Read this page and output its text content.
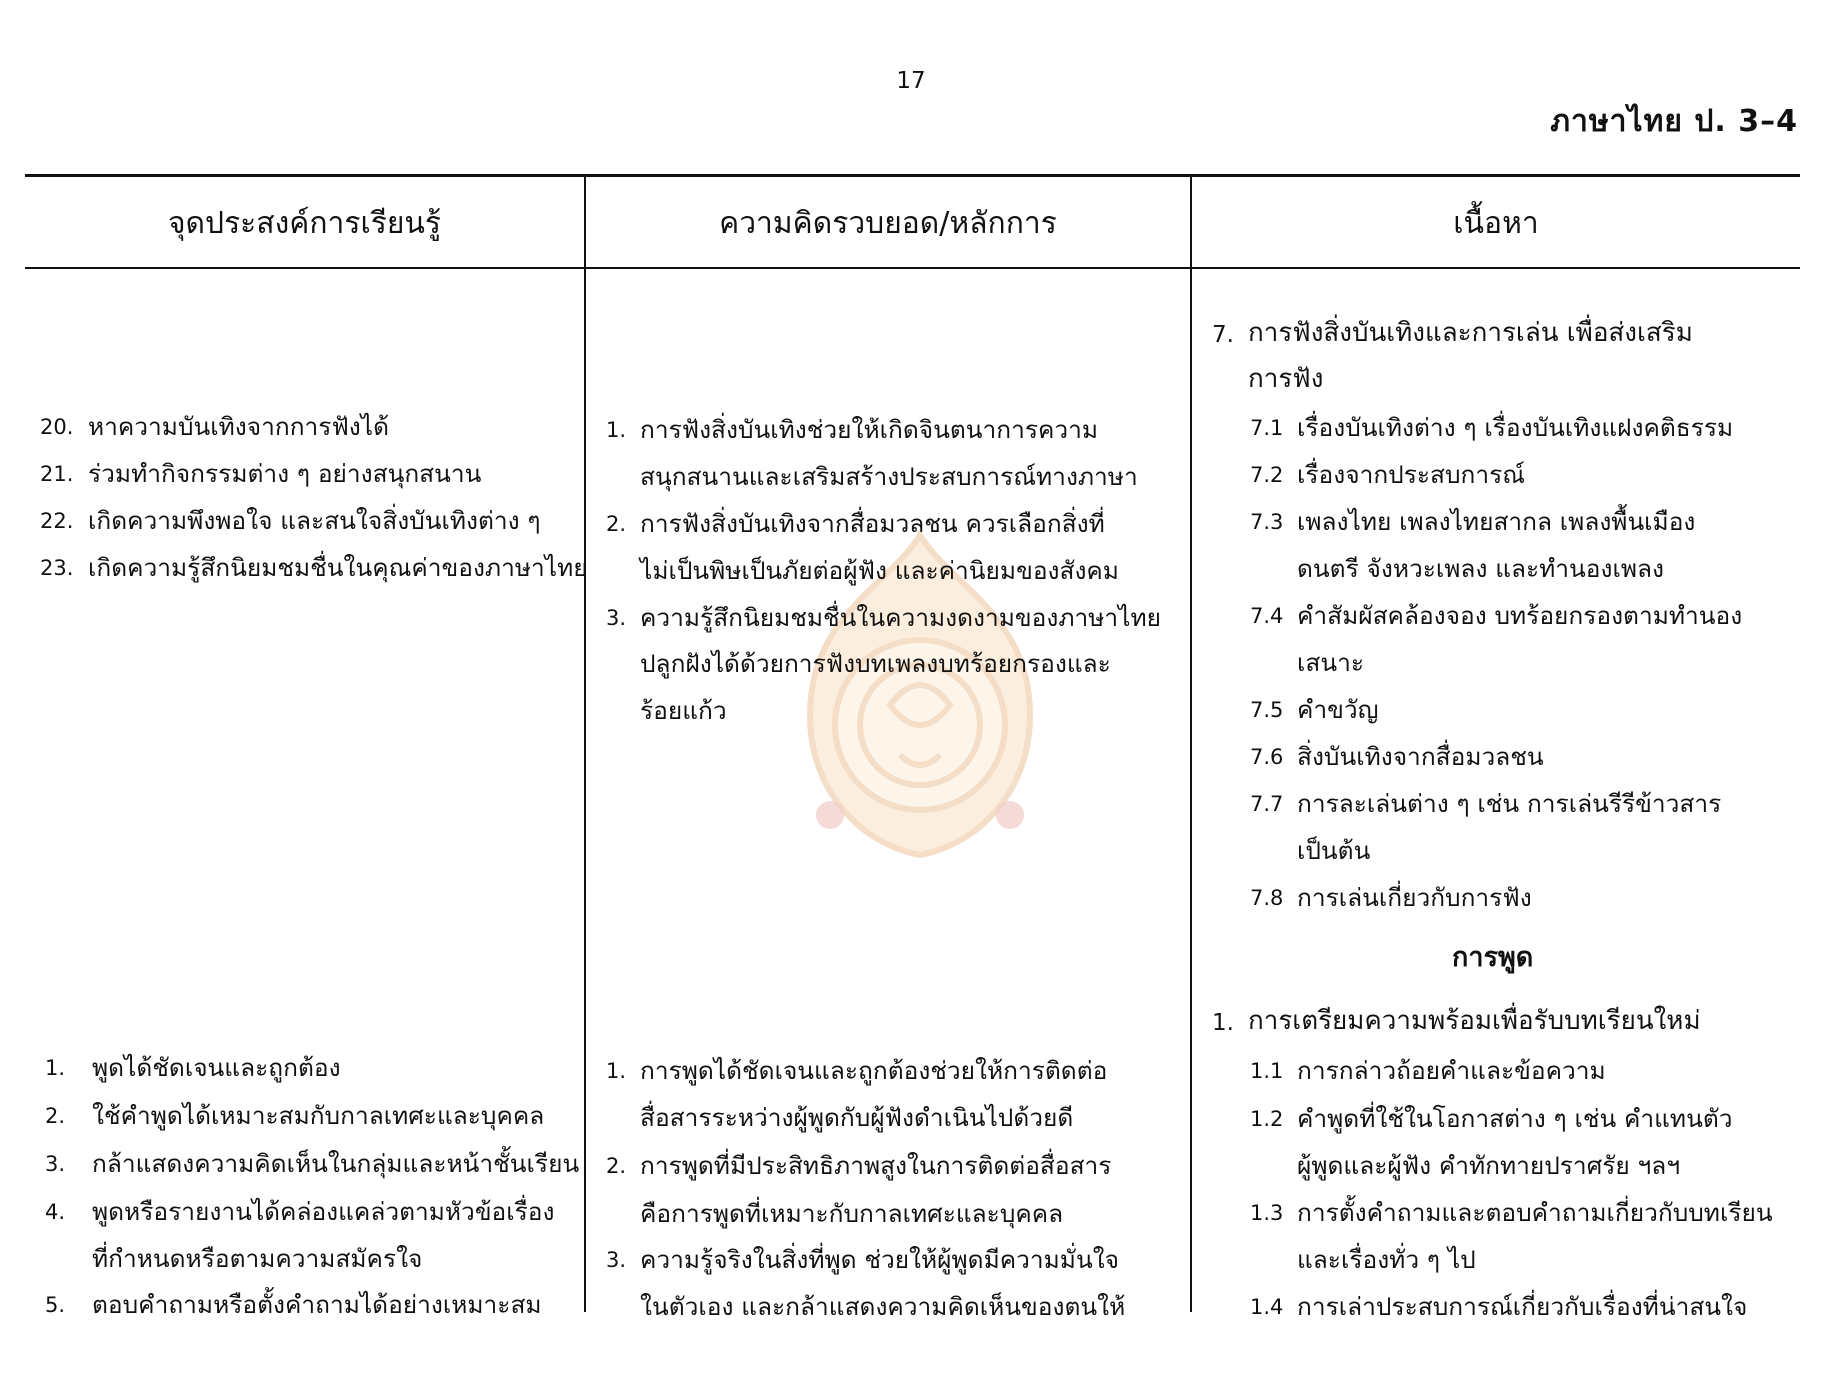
17
ภาษาไทย ป. 3–4
จุดประสงค์การเรียนรู้	ความคิดรวบยอด/หลักการ	เนื้อหา
20. หาความบันเทิงจากการฟังได้
21. ร่วมทำกิจกรรมต่าง ๆ อย่างสนุกสนาน
22. เกิดความพึงพอใจ และสนใจสิ่งบันเทิงต่าง ๆ
23. เกิดความรู้สึกนิยมชมชื่นในคุณค่าของภาษาไทย
1. พูดได้ชัดเจนและถูกต้อง
2. ใช้คำพูดได้เหมาะสมกับกาลเทศะและบุคคล
3. กล้าแสดงความคิดเห็นในกลุ่มและหน้าชั้นเรียน
4. พูดหรือรายงานได้คล่องแคล่วตามหัวข้อเรื่อง
ที่กำหนดหรือตามความสมัครใจ
5. ตอบคำถามหรือตั้งคำถามได้อย่างเหมาะสม
1. การฟังสิ่งบันเทิงช่วยให้เกิดจินตนาการความ
สนุกสนานและเสริมสร้างประสบการณ์ทางภาษา
2. การฟังสิ่งบันเทิงจากสื่อมวลชน ควรเลือกสิ่งที่
ไม่เป็นพิษเป็นภัยต่อผู้ฟัง และค่านิยมของสังคม
3. ความรู้สึกนิยมชมชื่นในความงดงามของภาษาไทย
ปลูกฝังได้ด้วยการฟังบทเพลงบทร้อยกรองและ
ร้อยแก้ว
1. การพูดได้ชัดเจนและถูกต้องช่วยให้การติดต่อ
สื่อสารระหว่างผู้พูดกับผู้ฟังดำเนินไปด้วยดี
2. การพูดที่มีประสิทธิภาพสูงในการติดต่อสื่อสาร
คือการพูดที่เหมาะกับกาลเทศะและบุคคล
3. ความรู้จริงในสิ่งที่พูด ช่วยให้ผู้พูดมีความมั่นใจ
ในตัวเอง และกล้าแสดงความคิดเห็นของตนให้
7. การฟังสิ่งบันเทิงและการเล่น เพื่อส่งเสริม
การฟัง
7.1 เรื่องบันเทิงต่าง ๆ เรื่องบันเทิงแฝงคติธรรม
7.2 เรื่องจากประสบการณ์
7.3 เพลงไทย เพลงไทยสากล เพลงพื้นเมือง
ดนตรี จังหวะเพลง และทำนองเพลง
7.4 คำสัมผัสคล้องจอง บทร้อยกรองตามทำนอง
เสนาะ
7.5 คำขวัญ
7.6 สิ่งบันเทิงจากสื่อมวลชน
7.7 การละเล่นต่าง ๆ เช่น การเล่นรีรีข้าวสาร
เป็นต้น
7.8 การเล่นเกี่ยวกับการฟัง
การพูด
1. การเตรียมความพร้อมเพื่อรับบทเรียนใหม่
1.1 การกล่าวถ้อยคำและข้อความ
1.2 คำพูดที่ใช้ในโอกาสต่าง ๆ เช่น คำแทนตัว
ผู้พูดและผู้ฟัง คำทักทายปราศรัย ฯลฯ
1.3 การตั้งคำถามและตอบคำถามเกี่ยวกับบทเรียน
และเรื่องทั่ว ๆ ไป
1.4 การเล่าประสบการณ์เกี่ยวกับเรื่องที่น่าสนใจ
